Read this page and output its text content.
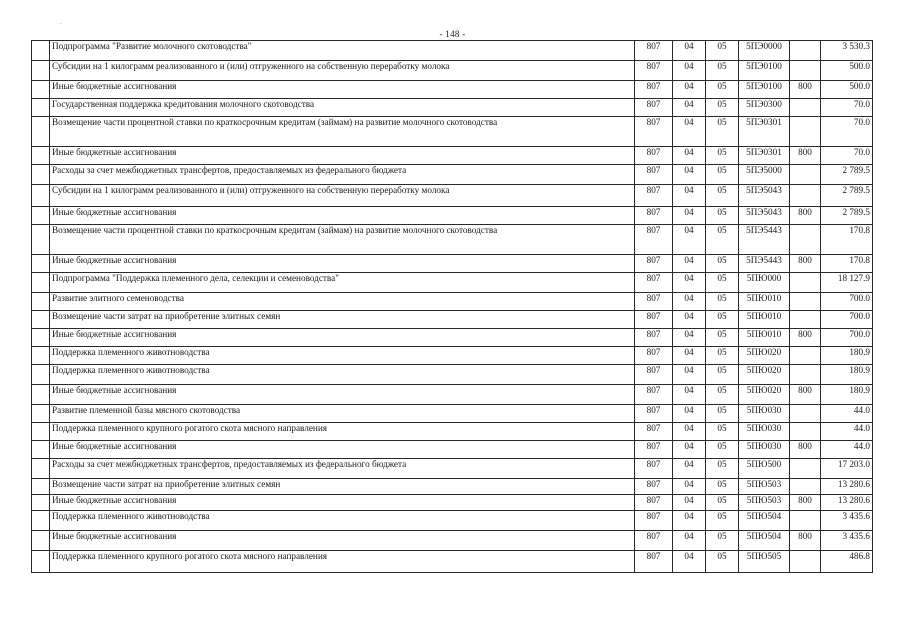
.
- 148 -
	Подпрограмма "Развитие молочного скотоводства"	807	04	05	5ПЭ0000		3 530.3
	Субсидии на 1 килограмм реализованного и (или) отгруженного на собственную переработку молока	807	04	05	5ПЭ0100		500.0
	Иные бюджетные ассигнования	807	04	05	5ПЭ0100	800	500.0
	Государственная поддержка кредитования молочного скотоводства	807	04	05	5ПЭ0300		70.0
	Возмещение части процентной ставки по краткосрочным кредитам (займам) на развитие молочного скотоводства	807	04	05	5ПЭ0301		70.0
	Иные бюджетные ассигнования	807	04	05	5ПЭ0301	800	70.0
	Расходы за счет межбюджетных трансфертов, предоставляемых из федерального бюджета	807	04	05	5ПЭ5000		2 789.5
	Субсидии на 1 килограмм реализованного и (или) отгруженного на собственную переработку молока	807	04	05	5ПЭ5043		2 789.5
	Иные бюджетные ассигнования	807	04	05	5ПЭ5043	800	2 789.5
	Возмещение части процентной ставки по краткосрочным кредитам (займам) на развитие молочного скотоводства	807	04	05	5ПЭ5443		170.8
	Иные бюджетные ассигнования	807	04	05	5ПЭ5443	800	170.8
	Подпрограмма "Поддержка племенного дела, селекции и семеноводства"	807	04	05	5ПЮ000		18 127.9
	Развитие элитного семеноводства	807	04	05	5ПЮ010		700.0
	Возмещение части затрат на приобретение элитных семян	807	04	05	5ПЮ010		700.0
	Иные бюджетные ассигнования	807	04	05	5ПЮ010	800	700.0
	Поддержка племенного животноводства	807	04	05	5ПЮ020		180.9
	Поддержка племенного животноводства	807	04	05	5ПЮ020		180.9
	Иные бюджетные ассигнования	807	04	05	5ПЮ020	800	180.9
	Развитие племенной базы мясного скотоводства	807	04	05	5ПЮ030		44.0
	Поддержка племенного крупного рогатого скота мясного направления	807	04	05	5ПЮ030		44.0
	Иные бюджетные ассигнования	807	04	05	5ПЮ030	800	44.0
	Расходы за счет межбюджетных трансфертов, предоставляемых из федерального бюджета	807	04	05	5ПЮ500		17 203.0
	Возмещение части затрат на приобретение элитных семян	807	04	05	5ПЮ503		13 280.6
	Иные бюджетные ассигнования	807	04	05	5ПЮ503	800	13 280.6
	Поддержка племенного животноводства	807	04	05	5ПЮ504		3 435.6
	Иные бюджетные ассигнования	807	04	05	5ПЮ504	800	3 435.6
	Поддержка племенного крупного рогатого скота мясного направления	807	04	05	5ПЮ505		486.8
